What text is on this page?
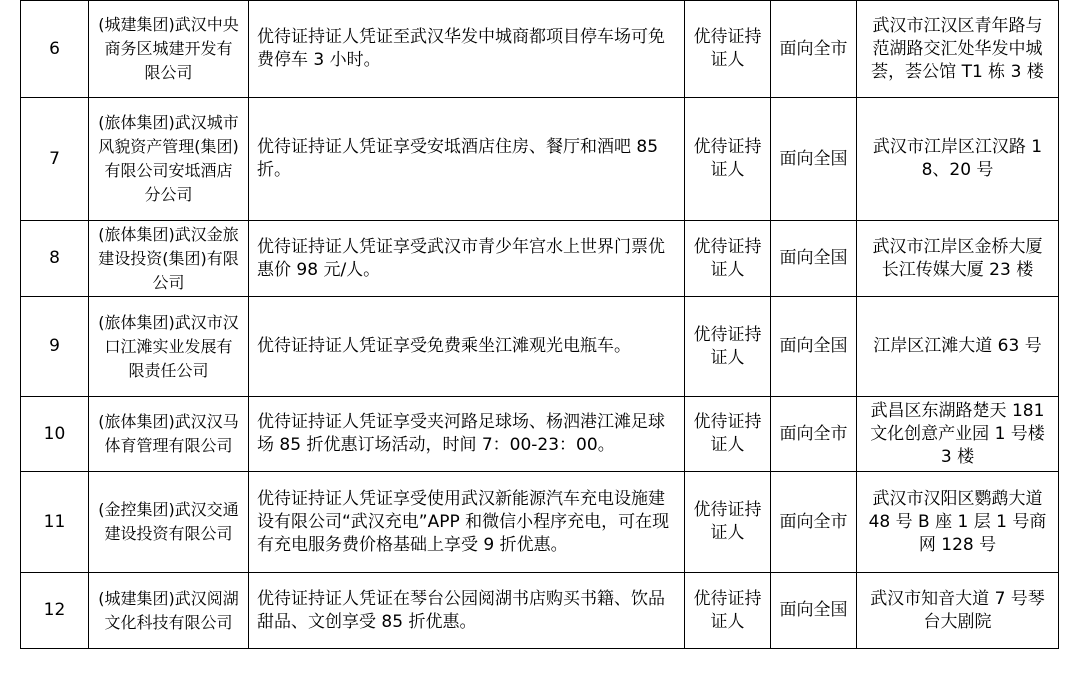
6	(城建集团)武汉中央商务区城建开发有限公司	优待证持证人凭证至武汉华发中城商都项目停车场可免费停车 3 小时。	优待证持证人	面向全市	武汉市江汉区青年路与范湖路交汇处华发中城荟，荟公馆 T1 栋 3 楼
7	(旅体集团)武汉城市风貌资产管理(集团)有限公司安坻酒店分公司	优待证持证人凭证享受安坻酒店住房、餐厅和酒吧 85 折。	优待证持证人	面向全国	武汉市江岸区江汉路 18、20 号
8	(旅体集团)武汉金旅建设投资(集团)有限公司	优待证持证人凭证享受武汉市青少年宫水上世界门票优惠价 98 元/人。	优待证持证人	面向全国	武汉市江岸区金桥大厦长江传媒大厦 23 楼
9	(旅体集团)武汉市汉口江滩实业发展有限责任公司	优待证持证人凭证享受免费乘坐江滩观光电瓶车。	优待证持证人	面向全国	江岸区江滩大道 63 号
10	(旅体集团)武汉汉马体育管理有限公司	优待证持证人凭证享受夹河路足球场、杨泗港江滩足球场 85 折优惠订场活动，时间 7：00-23：00。	优待证持证人	面向全市	武昌区东湖路楚天 181 文化创意产业园 1 号楼 3 楼
11	(金控集团)武汉交通建设投资有限公司	优待证持证人凭证享受使用武汉新能源汽车充电设施建设有限公司“武汉充电”APP 和微信小程序充电，可在现有充电服务费价格基础上享受 9 折优惠。	优待证持证人	面向全市	武汉市汉阳区鹦鹉大道 48 号 B 座 1 层 1 号商网 128 号
12	(城建集团)武汉阅湖文化科技有限公司	优待证持证人凭证在琴台公园阅湖书店购买书籍、饮品甜品、文创享受 85 折优惠。	优待证持证人	面向全国	武汉市知音大道 7 号琴台大剧院
